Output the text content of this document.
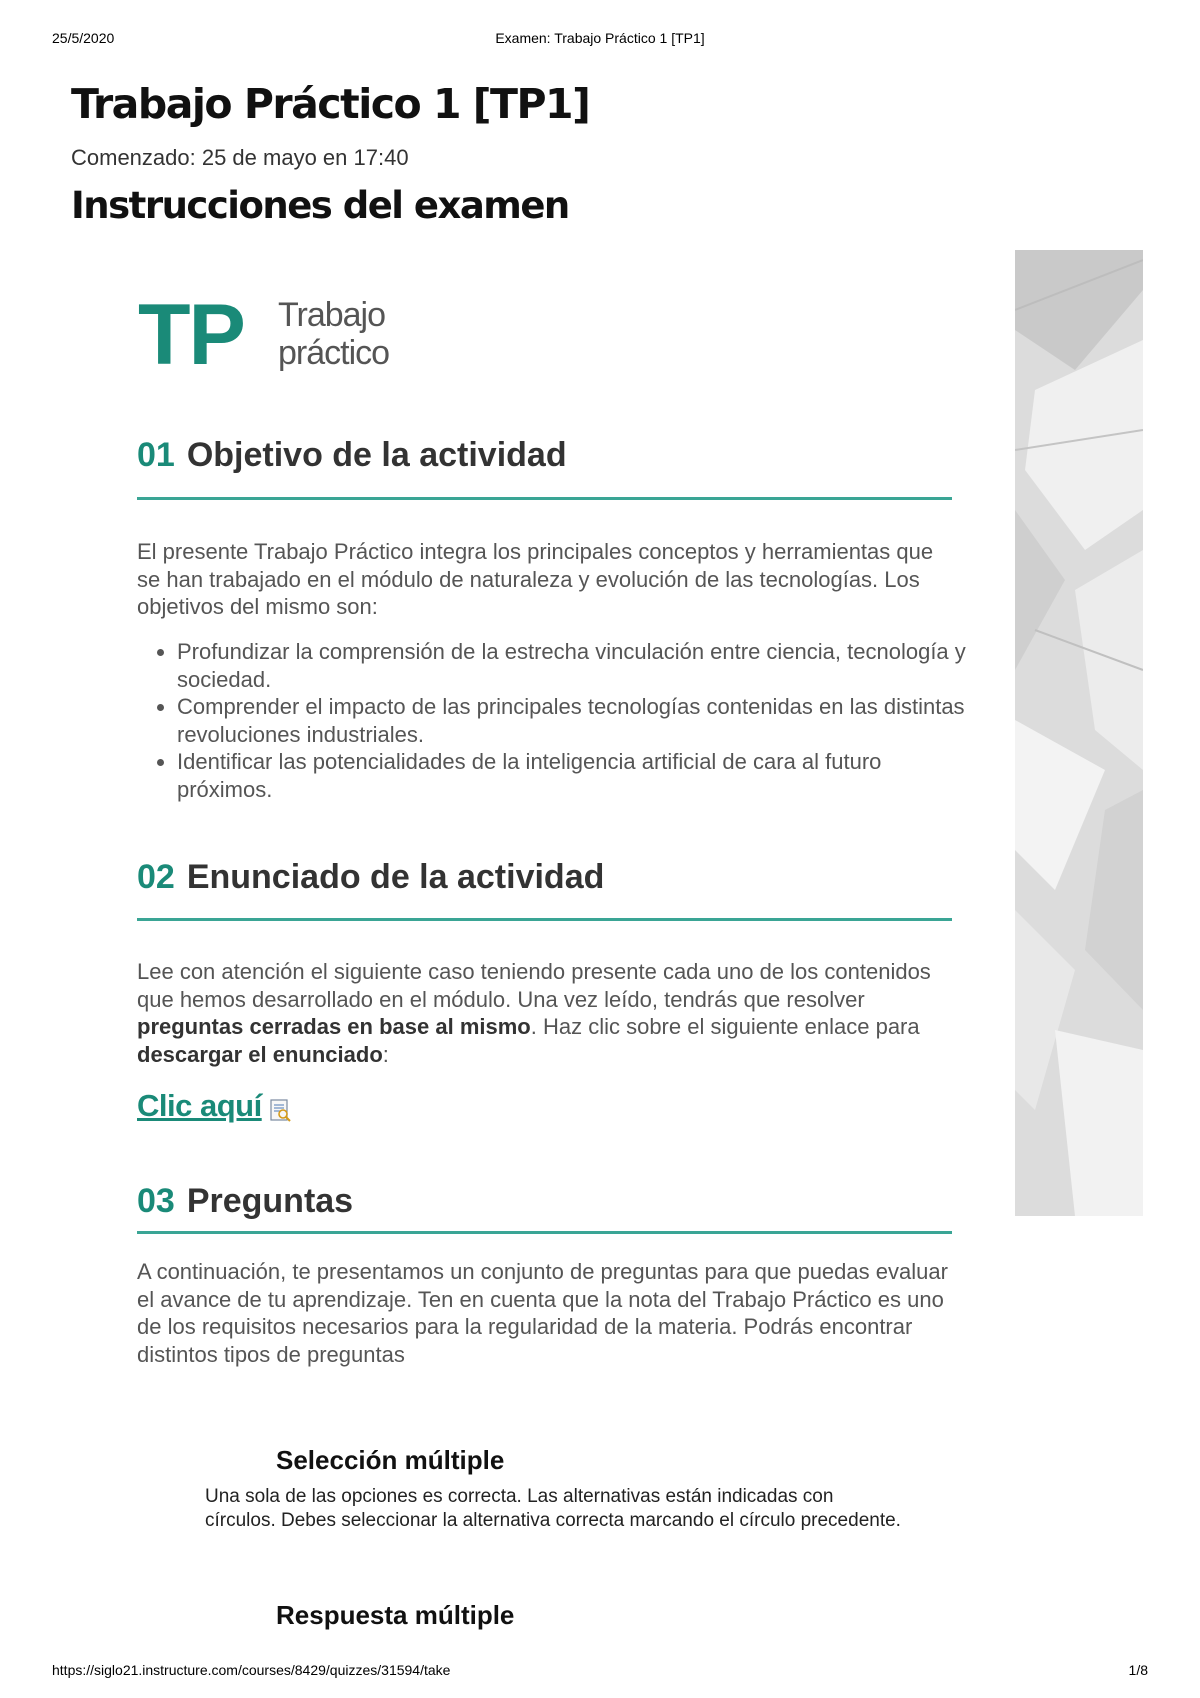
25/5/2020	Examen: Trabajo Práctico 1 [TP1]
Trabajo Práctico 1 [TP1]
Comenzado: 25 de mayo en 17:40
Instrucciones del examen
TP Trabajo
práctico
01 Objetivo de la actividad
El presente Trabajo Práctico integra los principales conceptos y herramientas que se han trabajado en el módulo de naturaleza y evolución de las tecnologías. Los objetivos del mismo son:
• Profundizar la comprensión de la estrecha vinculación entre ciencia, tecnología y sociedad.
• Comprender el impacto de las principales tecnologías contenidas en las distintas revoluciones industriales.
• Identificar las potencialidades de la inteligencia artificial de cara al futuro próximos.
02 Enunciado de la actividad
Lee con atención el siguiente caso teniendo presente cada uno de los contenidos que hemos desarrollado en el módulo. Una vez leído, tendrás que resolver preguntas cerradas en base al mismo. Haz clic sobre el siguiente enlace para descargar el enunciado:
Clic aquí
03 Preguntas
A continuación, te presentamos un conjunto de preguntas para que puedas evaluar el avance de tu aprendizaje. Ten en cuenta que la nota del Trabajo Práctico es uno de los requisitos necesarios para la regularidad de la materia. Podrás encontrar distintos tipos de preguntas
Selección múltiple
Una sola de las opciones es correcta. Las alternativas están indicadas con círculos. Debes seleccionar la alternativa correcta marcando el círculo precedente.
Respuesta múltiple
https://siglo21.instructure.com/courses/8429/quizzes/31594/take	1/8
